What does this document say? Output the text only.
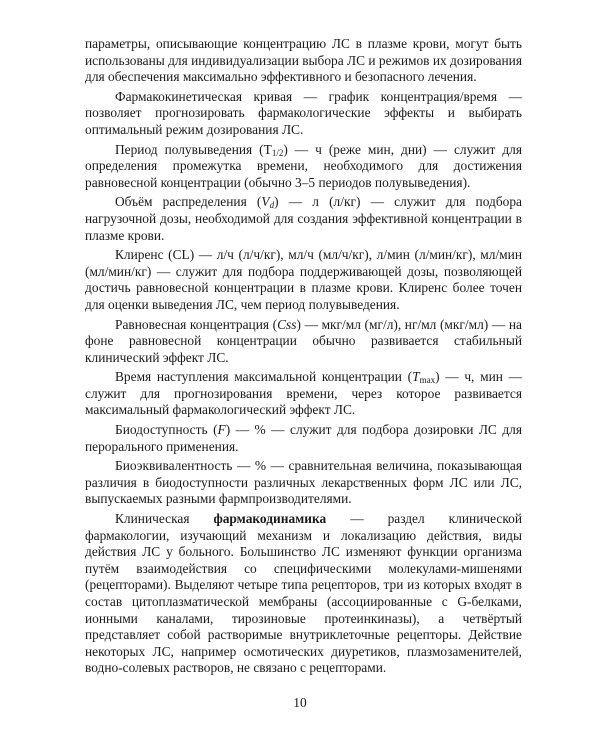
параметры, описывающие концентрацию ЛС в плазме крови, могут быть использованы для индивидуализации выбора ЛС и режимов их дозирования для обеспечения максимально эффективного и безопасного лечения.

Фармакокинетическая кривая — график концентрация/время — позволяет прогнозировать фармакологические эффекты и выбирать оптимальный режим дозирования ЛС.

Период полувыведения $(T_{1/2})$ — ч (реже мин, дни) — служит для определения промежутка времени, необходимого для достижения равновесной концентрации (обычно 3–5 периодов полувыведения).

Объём распределения $(V_d)$ — л (л/кг) — служит для подбора нагрузочной дозы, необходимой для создания эффективной концентрации в плазме крови.

Клиренс (CL) — л/ч (л/ч/кг), мл/ч (мл/ч/кг), л/мин (л/мин/кг), мл/мин (мл/мин/кг) — служит для подбора поддерживающей дозы, позволяющей достичь равновесной концентрации в плазме крови. Клиренс более точен для оценки выведения ЛС, чем период полувыведения.

Равновесная концентрация (Css) — мкг/мл (мг/л), нг/мл (мкг/мл) — на фоне равновесной концентрации обычно развивается стабильный клинический эффект ЛС.

Время наступления максимальной концентрации $(T_{max})$ — ч, мин — служит для прогнозирования времени, через которое развивается максимальный фармакологический эффект ЛС.

Биодоступность (F) — % — служит для подбора дозировки ЛС для перорального применения.

Биоэквивалентность — % — сравнительная величина, показывающая различия в биодоступности различных лекарственных форм ЛС или ЛС, выпускаемых разными фармпроизводителями.

Клиническая фармакодинамика — раздел клинической фармакологии, изучающий механизм и локализацию действия, виды действия ЛС у больного. Большинство ЛС изменяют функции организма путём взаимодействия со специфическими молекулами-мишенями (рецепторами). Выделяют четыре типа рецепторов, три из которых входят в состав цитоплазматической мембраны (ассоциированные с G-белками, ионными каналами, тирозиновые протеинкиназы), а четвёртый представляет собой растворимые внутриклеточные рецепторы. Действие некоторых ЛС, например осмотических диуретиков, плазмозаменителей, водно-солевых растворов, не связано с рецепторами.

10
